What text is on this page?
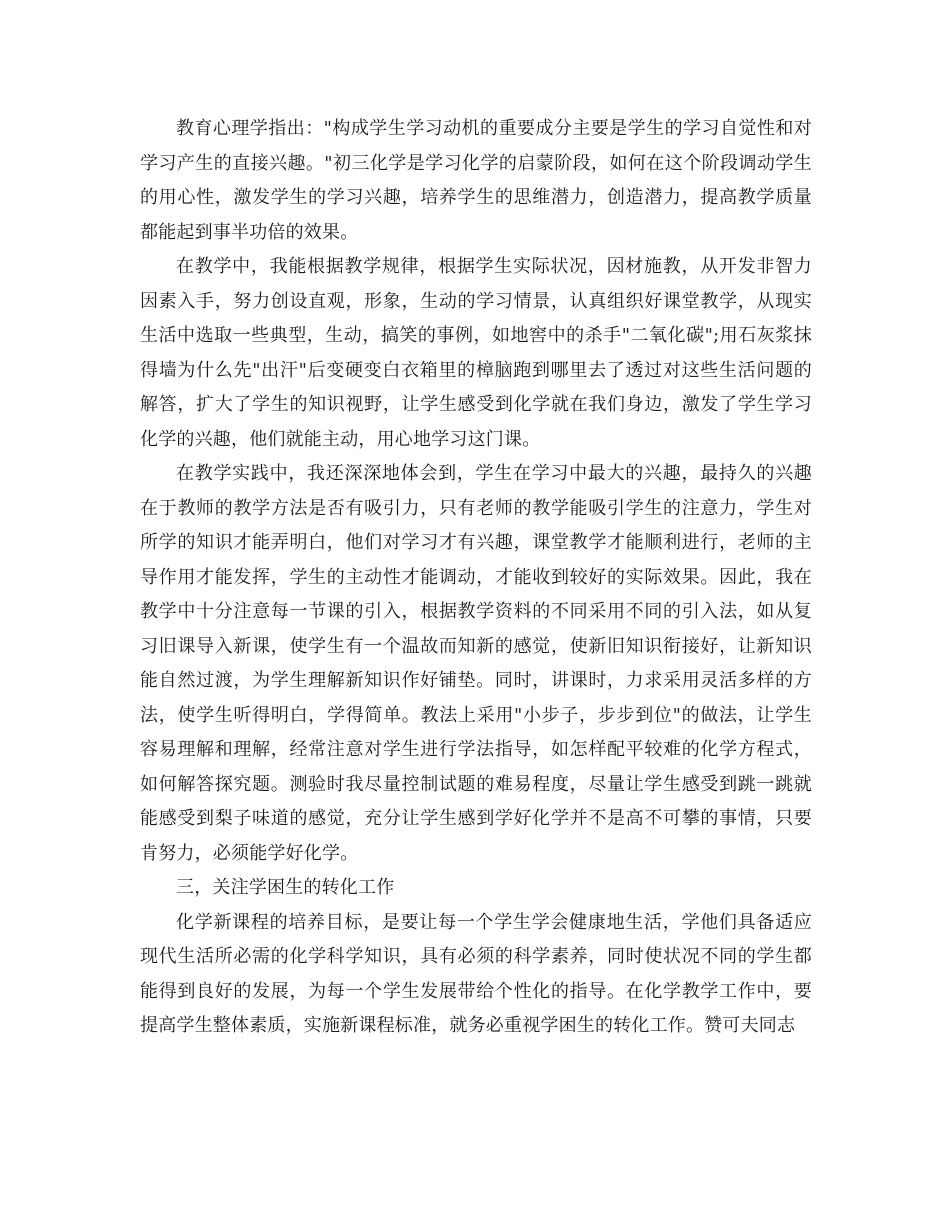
教育心理学指出："构成学生学习动机的重要成分主要是学生的学习自觉性和对学习产生的直接兴趣。"初三化学是学习化学的启蒙阶段，如何在这个阶段调动学生的用心性，激发学生的学习兴趣，培养学生的思维潜力，创造潜力，提高教学质量都能起到事半功倍的效果。

在教学中，我能根据教学规律，根据学生实际状况，因材施教，从开发非智力因素入手，努力创设直观，形象，生动的学习情景，认真组织好课堂教学，从现实生活中选取一些典型，生动，搞笑的事例，如地窖中的杀手"二氧化碳";用石灰浆抹得墙为什么先"出汗"后变硬变白衣箱里的樟脑跑到哪里去了透过对这些生活问题的解答，扩大了学生的知识视野，让学生感受到化学就在我们身边，激发了学生学习化学的兴趣，他们就能主动，用心地学习这门课。

在教学实践中，我还深深地体会到，学生在学习中最大的兴趣，最持久的兴趣在于教师的教学方法是否有吸引力，只有老师的教学能吸引学生的注意力，学生对所学的知识才能弄明白，他们对学习才有兴趣，课堂教学才能顺利进行，老师的主导作用才能发挥，学生的主动性才能调动，才能收到较好的实际效果。因此，我在教学中十分注意每一节课的引入，根据教学资料的不同采用不同的引入法，如从复习旧课导入新课，使学生有一个温故而知新的感觉，使新旧知识衔接好，让新知识能自然过渡，为学生理解新知识作好铺垫。同时，讲课时，力求采用灵活多样的方法，使学生听得明白，学得简单。教法上采用"小步子，步步到位"的做法，让学生容易理解和理解，经常注意对学生进行学法指导，如怎样配平较难的化学方程式，如何解答探究题。测验时我尽量控制试题的难易程度，尽量让学生感受到跳一跳就能感受到梨子味道的感觉，充分让学生感到学好化学并不是高不可攀的事情，只要肯努力，必须能学好化学。

三，关注学困生的转化工作

化学新课程的培养目标，是要让每一个学生学会健康地生活，学他们具备适应现代生活所必需的化学科学知识，具有必须的科学素养，同时使状况不同的学生都能得到良好的发展，为每一个学生发展带给个性化的指导。在化学教学工作中，要提高学生整体素质，实施新课程标准，就务必重视学困生的转化工作。赞可夫同志
